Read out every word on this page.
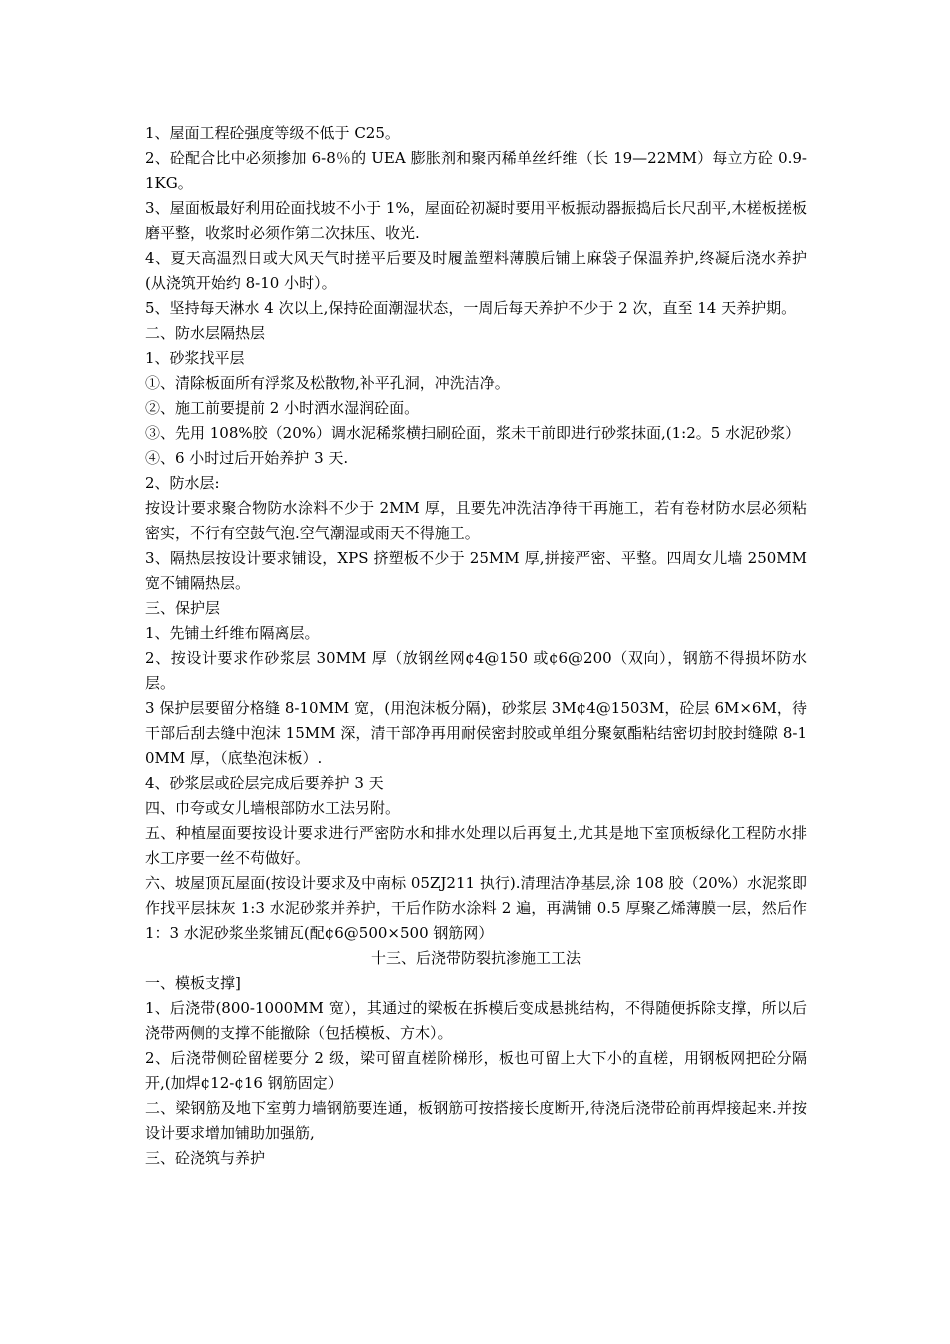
1、屋面工程砼强度等级不低于 C25。

2、砼配合比中必须掺加 6-8％的 UEA 膨胀剂和聚丙稀单丝纤维（长 19—22MM）每立方砼 0.9-1KG。

3、屋面板最好利用砼面找坡不小于 1%，屋面砼初凝时要用平板振动器振捣后长尺刮平,木槎板搓板磨平整，收浆时必须作第二次抹压、收光.

4、夏天高温烈日或大风天气时搓平后要及时履盖塑料薄膜后铺上麻袋子保温养护,终凝后浇水养护(从浇筑开始约 8-10 小时）。

5、坚持每天淋水 4 次以上,保持砼面潮湿状态，一周后每天养护不少于 2 次，直至 14 天养护期。

二、防水层隔热层

1、砂浆找平层

①、清除板面所有浮浆及松散物,补平孔洞，冲洗洁净。

②、施工前要提前 2 小时洒水湿润砼面。

③、先用 108%胶（20%）调水泥稀浆横扫刷砼面，浆未干前即进行砂浆抹面,(1:2。5 水泥砂浆）

④、6 小时过后开始养护 3 天.

2、防水层:

按设计要求聚合物防水涂料不少于 2MM 厚，且要先冲洗洁净待干再施工，若有卷材防水层必须粘密实，不行有空鼓气泡.空气潮湿或雨天不得施工。

3、隔热层按设计要求铺设，XPS 挤塑板不少于 25MM 厚,拼接严密、平整。四周女儿墙 250MM 宽不铺隔热层。

三、保护层

1、先铺土纤维布隔离层。

2、按设计要求作砂浆层 30MM 厚（放钢丝网¢4@150 或¢6@200（双向），钢筋不得损坏防水层。

3 保护层要留分格缝 8-10MM 宽，(用泡沫板分隔)，砂浆层 3M¢4@1503M，砼层 6M×6M，待干部后刮去缝中泡沫 15MM 深，清干部净再用耐侯密封胶或单组分聚氨酯粘结密切封胶封缝隙 8-10MM 厚，（底垫泡沫板）.

4、砂浆层或砼层完成后要养护 3 天

四、巾夸或女儿墙根部防水工法另附。

五、种植屋面要按设计要求进行严密防水和排水处理以后再复土,尤其是地下室顶板绿化工程防水排水工序要一丝不苟做好。

六、坡屋顶瓦屋面(按设计要求及中南标 05ZJ211 执行).清理洁净基层,涂 108 胶（20%）水泥浆即作找平层抹灰 1:3 水泥砂浆并养护，干后作防水涂料 2 遍，再满铺 0.5 厚聚乙烯薄膜一层，然后作 1：3 水泥砂浆坐浆铺瓦(配¢6@500×500 钢筋网）

十三、后浇带防裂抗渗施工工法

一、模板支撑]

1、后浇带(800-1000MM 宽），其通过的梁板在拆模后变成悬挑结构，不得随便拆除支撑，所以后浇带两侧的支撑不能撤除（包括模板、方木）。

2、后浇带侧砼留槎要分 2 级，梁可留直槎阶梯形，板也可留上大下小的直槎，用钢板网把砼分隔开,(加焊¢12-¢16 钢筋固定）

二、梁钢筋及地下室剪力墙钢筋要连通，板钢筋可按搭接长度断开,待浇后浇带砼前再焊接起来.并按设计要求增加铺助加强筋,

三、砼浇筑与养护
